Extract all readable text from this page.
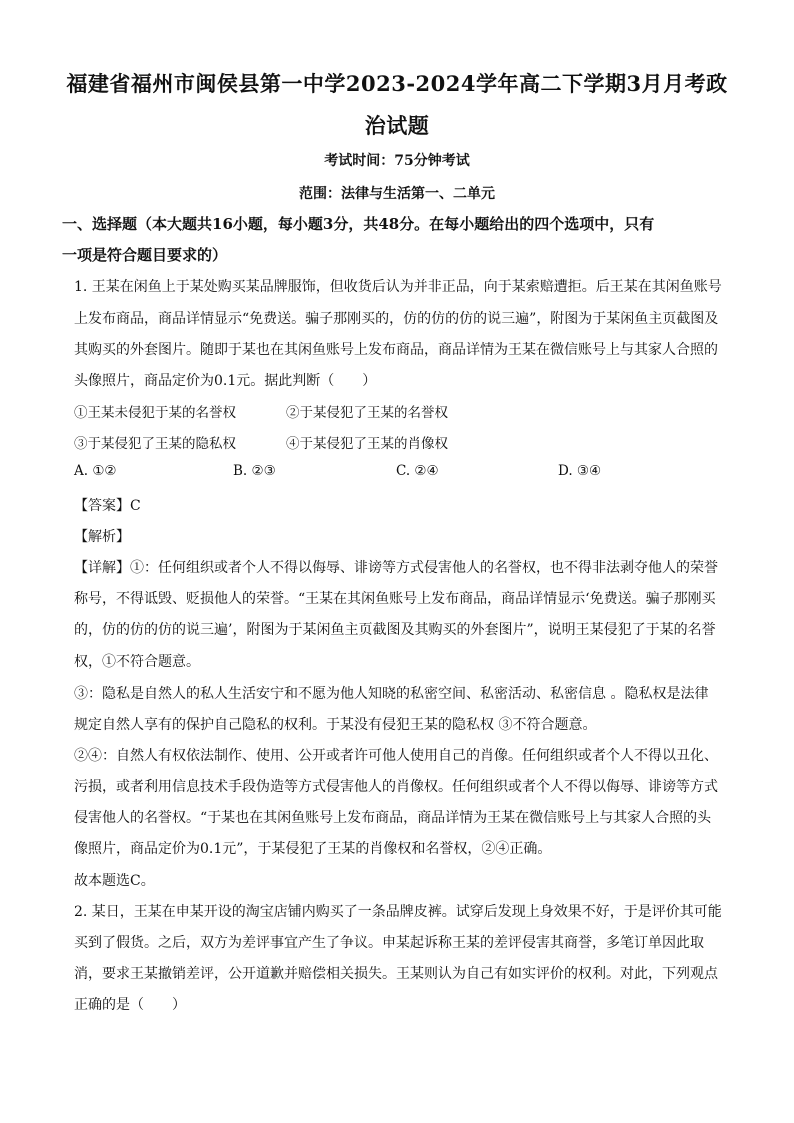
福建省福州市闽侯县第一中学2023-2024学年高二下学期3月月考政
治试题
考试时间：75分钟考试
范围：法律与生活第一、二单元
一、选择题（本大题共16小题，每小题3分，共48分。在每小题给出的四个选项中，只有
一项是符合题目要求的）
1. 王某在闲鱼上于某处购买某品牌服饰，但收货后认为并非正品，向于某索赔遭拒。后王某在其闲鱼账号
上发布商品，商品详情显示“免费送。骗子那刚买的，仿的仿的仿的说三遍”，附图为于某闲鱼主页截图及
其购买的外套图片。随即于某也在其闲鱼账号上发布商品，商品详情为王某在微信账号上与其家人合照的
头像照片，商品定价为0.1元。据此判断（　　）
①王某未侵犯于某的名誉权	②于某侵犯了王某的名誉权
③于某侵犯了王某的隐私权	④于某侵犯了王某的肖像权
A. ①②	B. ②③	C. ②④	D. ③④
【答案】C
【解析】
【详解】①：任何组织或者个人不得以侮辱、诽谤等方式侵害他人的名誉权，也不得非法剥夺他人的荣誉
称号，不得诋毁、贬损他人的荣誉。“王某在其闲鱼账号上发布商品，商品详情显示‘免费送。骗子那刚买
的，仿的仿的仿的说三遍’，附图为于某闲鱼主页截图及其购买的外套图片”，说明王某侵犯了于某的名誉
权，①不符合题意。
③：隐私是自然人的私人生活安宁和不愿为他人知晓的私密空间、私密活动、私密信息 。隐私权是法律
规定自然人享有的保护自己隐私的权利。于某没有侵犯王某的隐私权 ③不符合题意。
②④：自然人有权依法制作、使用、公开或者许可他人使用自己的肖像。任何组织或者个人不得以丑化、
污损，或者利用信息技术手段伪造等方式侵害他人的肖像权。任何组织或者个人不得以侮辱、诽谤等方式
侵害他人的名誉权。“于某也在其闲鱼账号上发布商品，商品详情为王某在微信账号上与其家人合照的头
像照片，商品定价为0.1元”，于某侵犯了王某的肖像权和名誉权，②④正确。
故本题选C。
2. 某日，王某在申某开设的淘宝店铺内购买了一条品牌皮裤。试穿后发现上身效果不好，于是评价其可能
买到了假货。之后，双方为差评事宜产生了争议。申某起诉称王某的差评侵害其商誉，多笔订单因此取
消，要求王某撤销差评，公开道歉并赔偿相关损失。王某则认为自己有如实评价的权利。对此，下列观点
正确的是（　　）
